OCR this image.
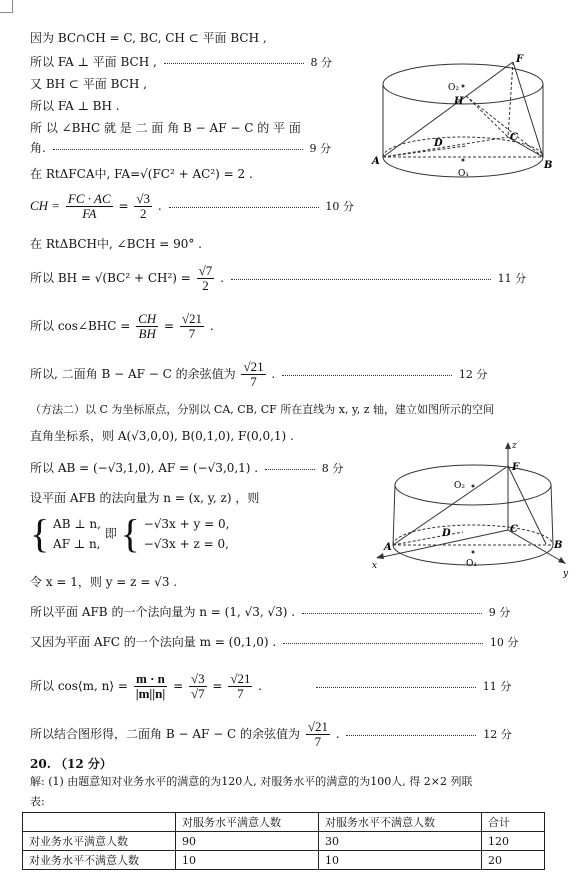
因为 BC∩CH = C, BC, CH ⊂ 平面 BCH ,
所以 FA ⊥ 平面 BCH ,	8 分
又 BH ⊂ 平面 BCH ,
所以 FA ⊥ BH .
所 以 ∠BHC 就 是 二 面 角 B − AF − C 的 平 面
角.	9 分
在 RtΔFCA中, FA=√(FC² + AC²) = 2 .
CH = $\frac{FC \cdot AC}{FA} = \frac{√3}{2}$ .	10 分
在 RtΔBCH中, ∠BCH = 90° .
所以 BH = $√(BC^2 + CH^2) = \frac{√7}{2}$ .	11 分
所以 cos∠BHC = $\frac{CH}{BH} = \frac{√21}{7}$ .
所以, 二面角 B − AF − C 的余弦值为 $\frac{√21}{7}$ .	12 分
（方法二）以 C 为坐标原点，分别以 CA, CB, CF 所在直线为 x, y, z 轴，建立如图所示的空间
直角坐标系，则 A(√3,0,0), B(0,1,0), F(0,0,1) .
所以 AB = (−√3,1,0), AF = (−√3,0,1) .	8 分
设平面 AFB 的法向量为 n = (x, y, z) ，则
{ AB ⊥ n,
AF ⊥ n, 即 { −√3x + y = 0,
−√3x + z = 0,
令 x = 1，则 y = z = √3 .
所以平面 AFB 的一个法向量为 n = (1, √3, √3) .	9 分
又因为平面 AFC 的一个法向量 m = (0,1,0) .	10 分
所以 cos⟨m, n⟩ = $\frac{m \cdot n}{|m||n|} = \frac{√3}{√7} = \frac{√21}{7}$ .	11 分
所以结合图形得，二面角 B − AF − C 的余弦值为 $\frac{√21}{7}$ .	12 分
20. （12 分）
解: (1) 由题意知对业务水平的满意的为120人, 对服务水平的满意的为100人, 得 2×2 列联
表:
	对服务水平满意人数	对服务水平不满意人数	合计
对业务水平满意人数	90	30	120
对业务水平不满意人数	10	10	20
F
O₂
H
D
C
A	B
O₁
z
F
O₂
D	C
A	B
O₁
x
y
